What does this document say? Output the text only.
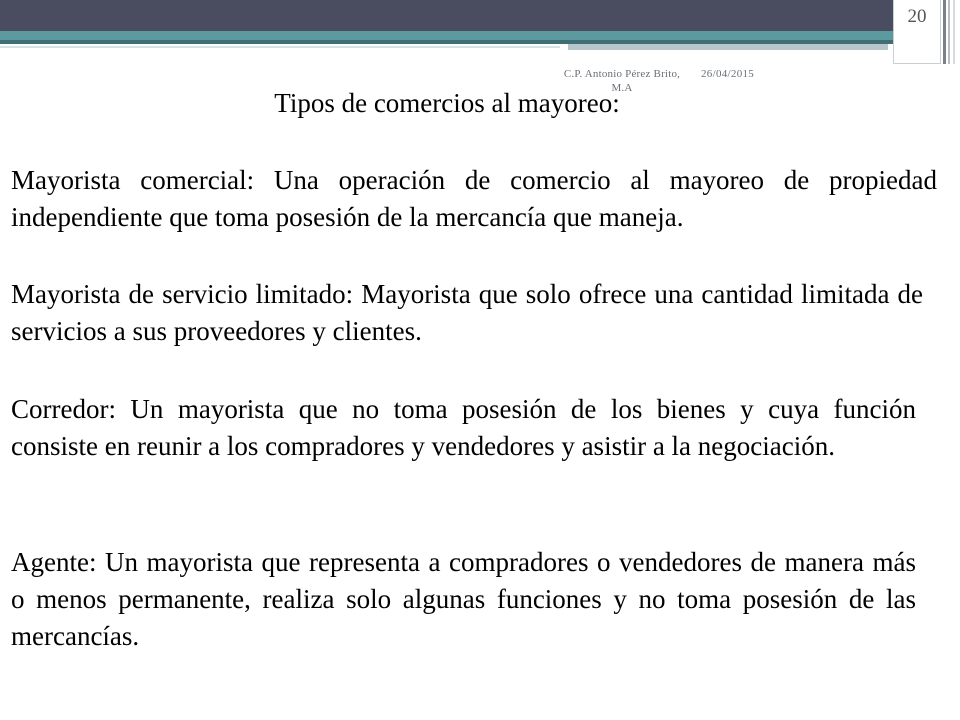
20
C.P. Antonio Pérez Brito, M.A
26/04/2015
Tipos de comercios al mayoreo:
Mayorista comercial: Una operación de comercio al mayoreo de propiedad independiente que toma posesión de la mercancía que maneja.
Mayorista de servicio limitado: Mayorista que solo ofrece una cantidad limitada de servicios a sus proveedores y clientes.
Corredor: Un mayorista que no toma posesión de los bienes y cuya función consiste en reunir a los compradores y vendedores y asistir a la negociación.
Agente: Un mayorista que representa a compradores o vendedores de manera más o menos permanente, realiza solo algunas funciones y no toma posesión de las mercancías.
